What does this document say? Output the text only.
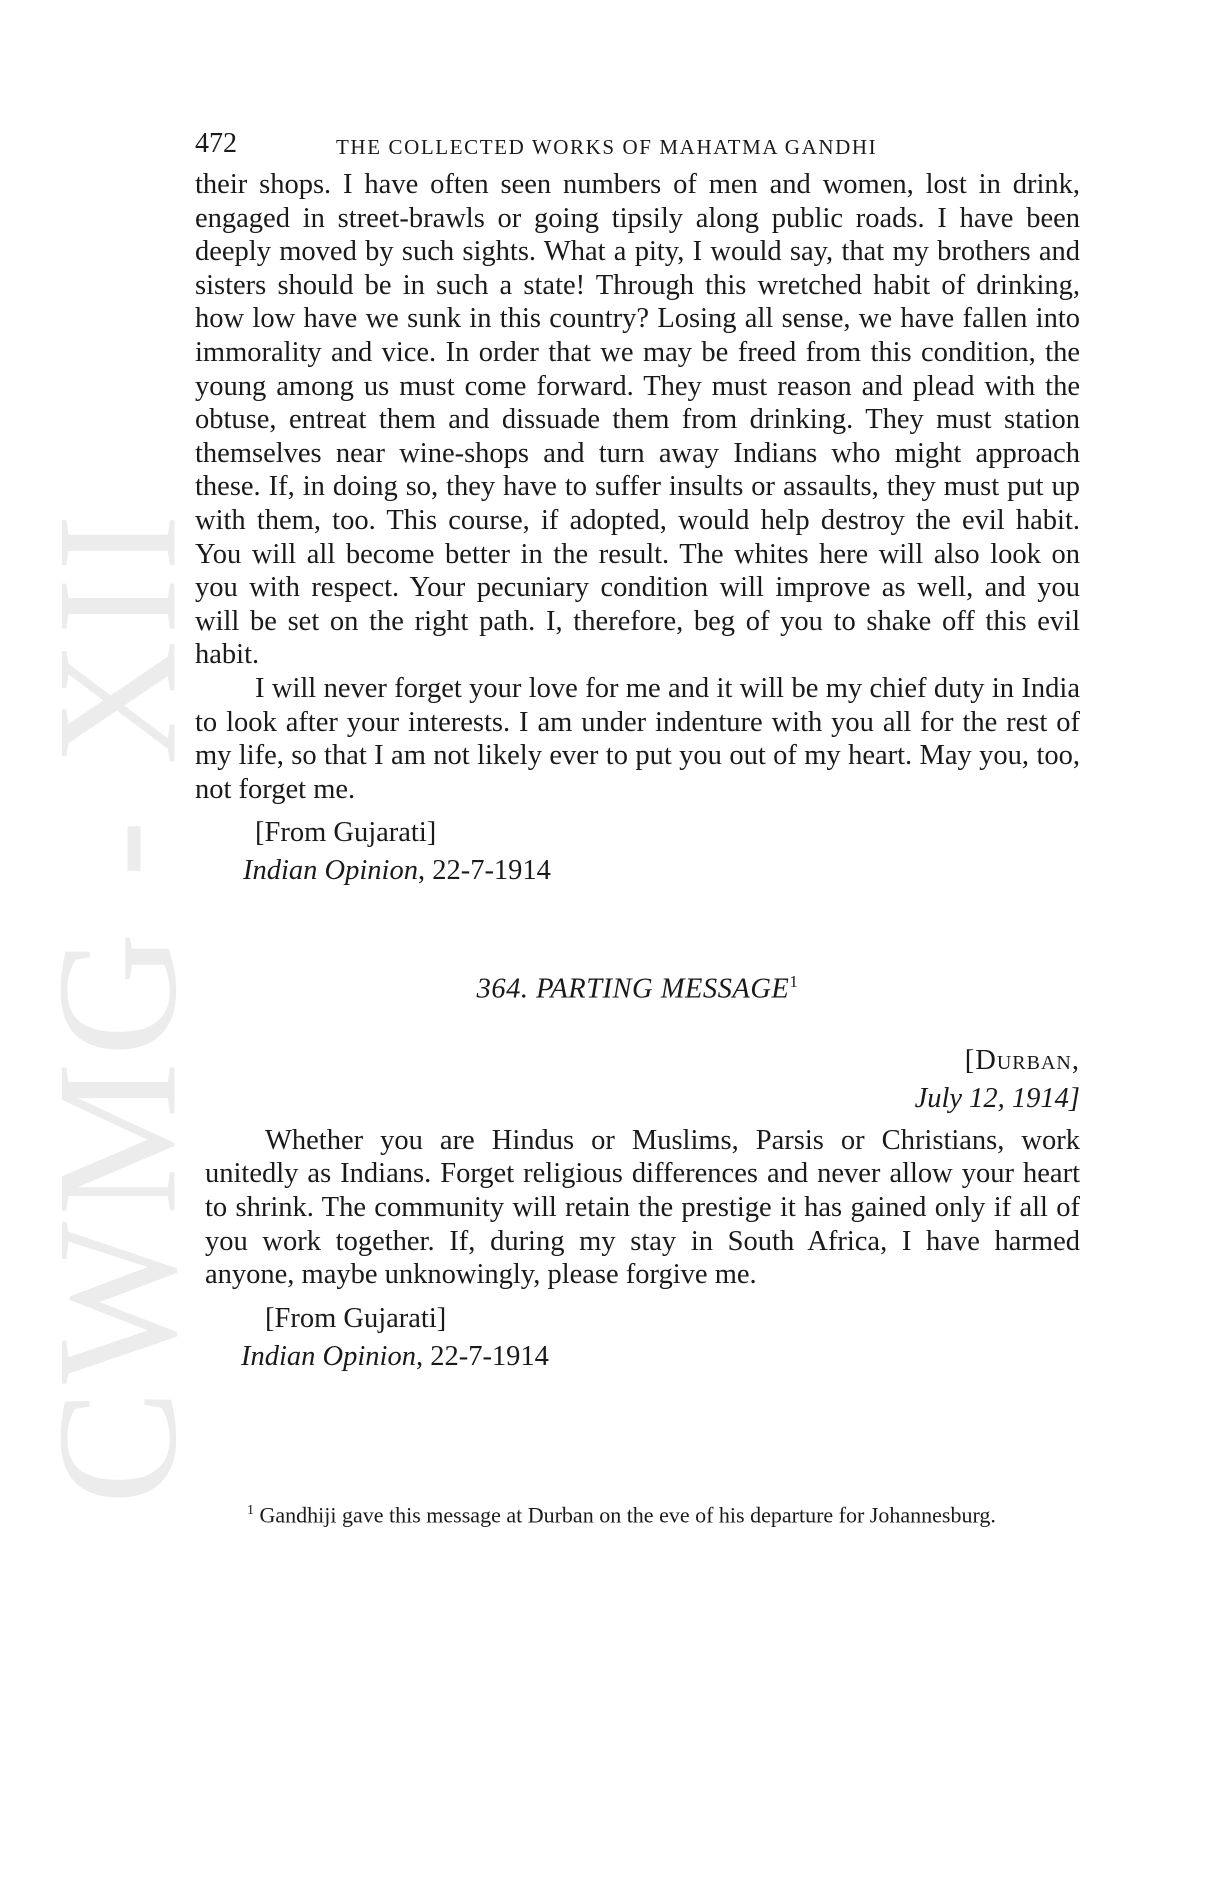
CWMG - XII
472	THE COLLECTED WORKS OF MAHATMA GANDHI

their shops. I have often seen numbers of men and women, lost in drink, engaged in street-brawls or going tipsily along public roads. I have been deeply moved by such sights. What a pity, I would say, that my brothers and sisters should be in such a state! Through this wretched habit of drinking, how low have we sunk in this country? Losing all sense, we have fallen into immorality and vice. In order that we may be freed from this condition, the young among us must come forward. They must reason and plead with the obtuse, entreat them and dissuade them from drinking. They must station themselves near wine-shops and turn away Indians who might approach these. If, in doing so, they have to suffer insults or assaults, they must put up with them, too. This course, if adopted, would help destroy the evil habit. You will all become better in the result. The whites here will also look on you with respect. Your pecuniary condition will improve as well, and you will be set on the right path. I, therefore, beg of you to shake off this evil habit.

I will never forget your love for me and it will be my chief duty in India to look after your interests. I am under indenture with you all for the rest of my life, so that I am not likely ever to put you out of my heart. May you, too, not forget me.

[From Gujarati]
Indian Opinion, 22-7-1914
364. PARTING MESSAGE$^1$
[Durban,
July 12, 1914]

Whether you are Hindus or Muslims, Parsis or Christians, work unitedly as Indians. Forget religious differences and never allow your heart to shrink. The community will retain the prestige it has gained only if all of you work together. If, during my stay in South Africa, I have harmed anyone, maybe unknowingly, please forgive me.

[From Gujarati]
Indian Opinion, 22-7-1914

$^1$ Gandhiji gave this message at Durban on the eve of his departure for Johannesburg.
